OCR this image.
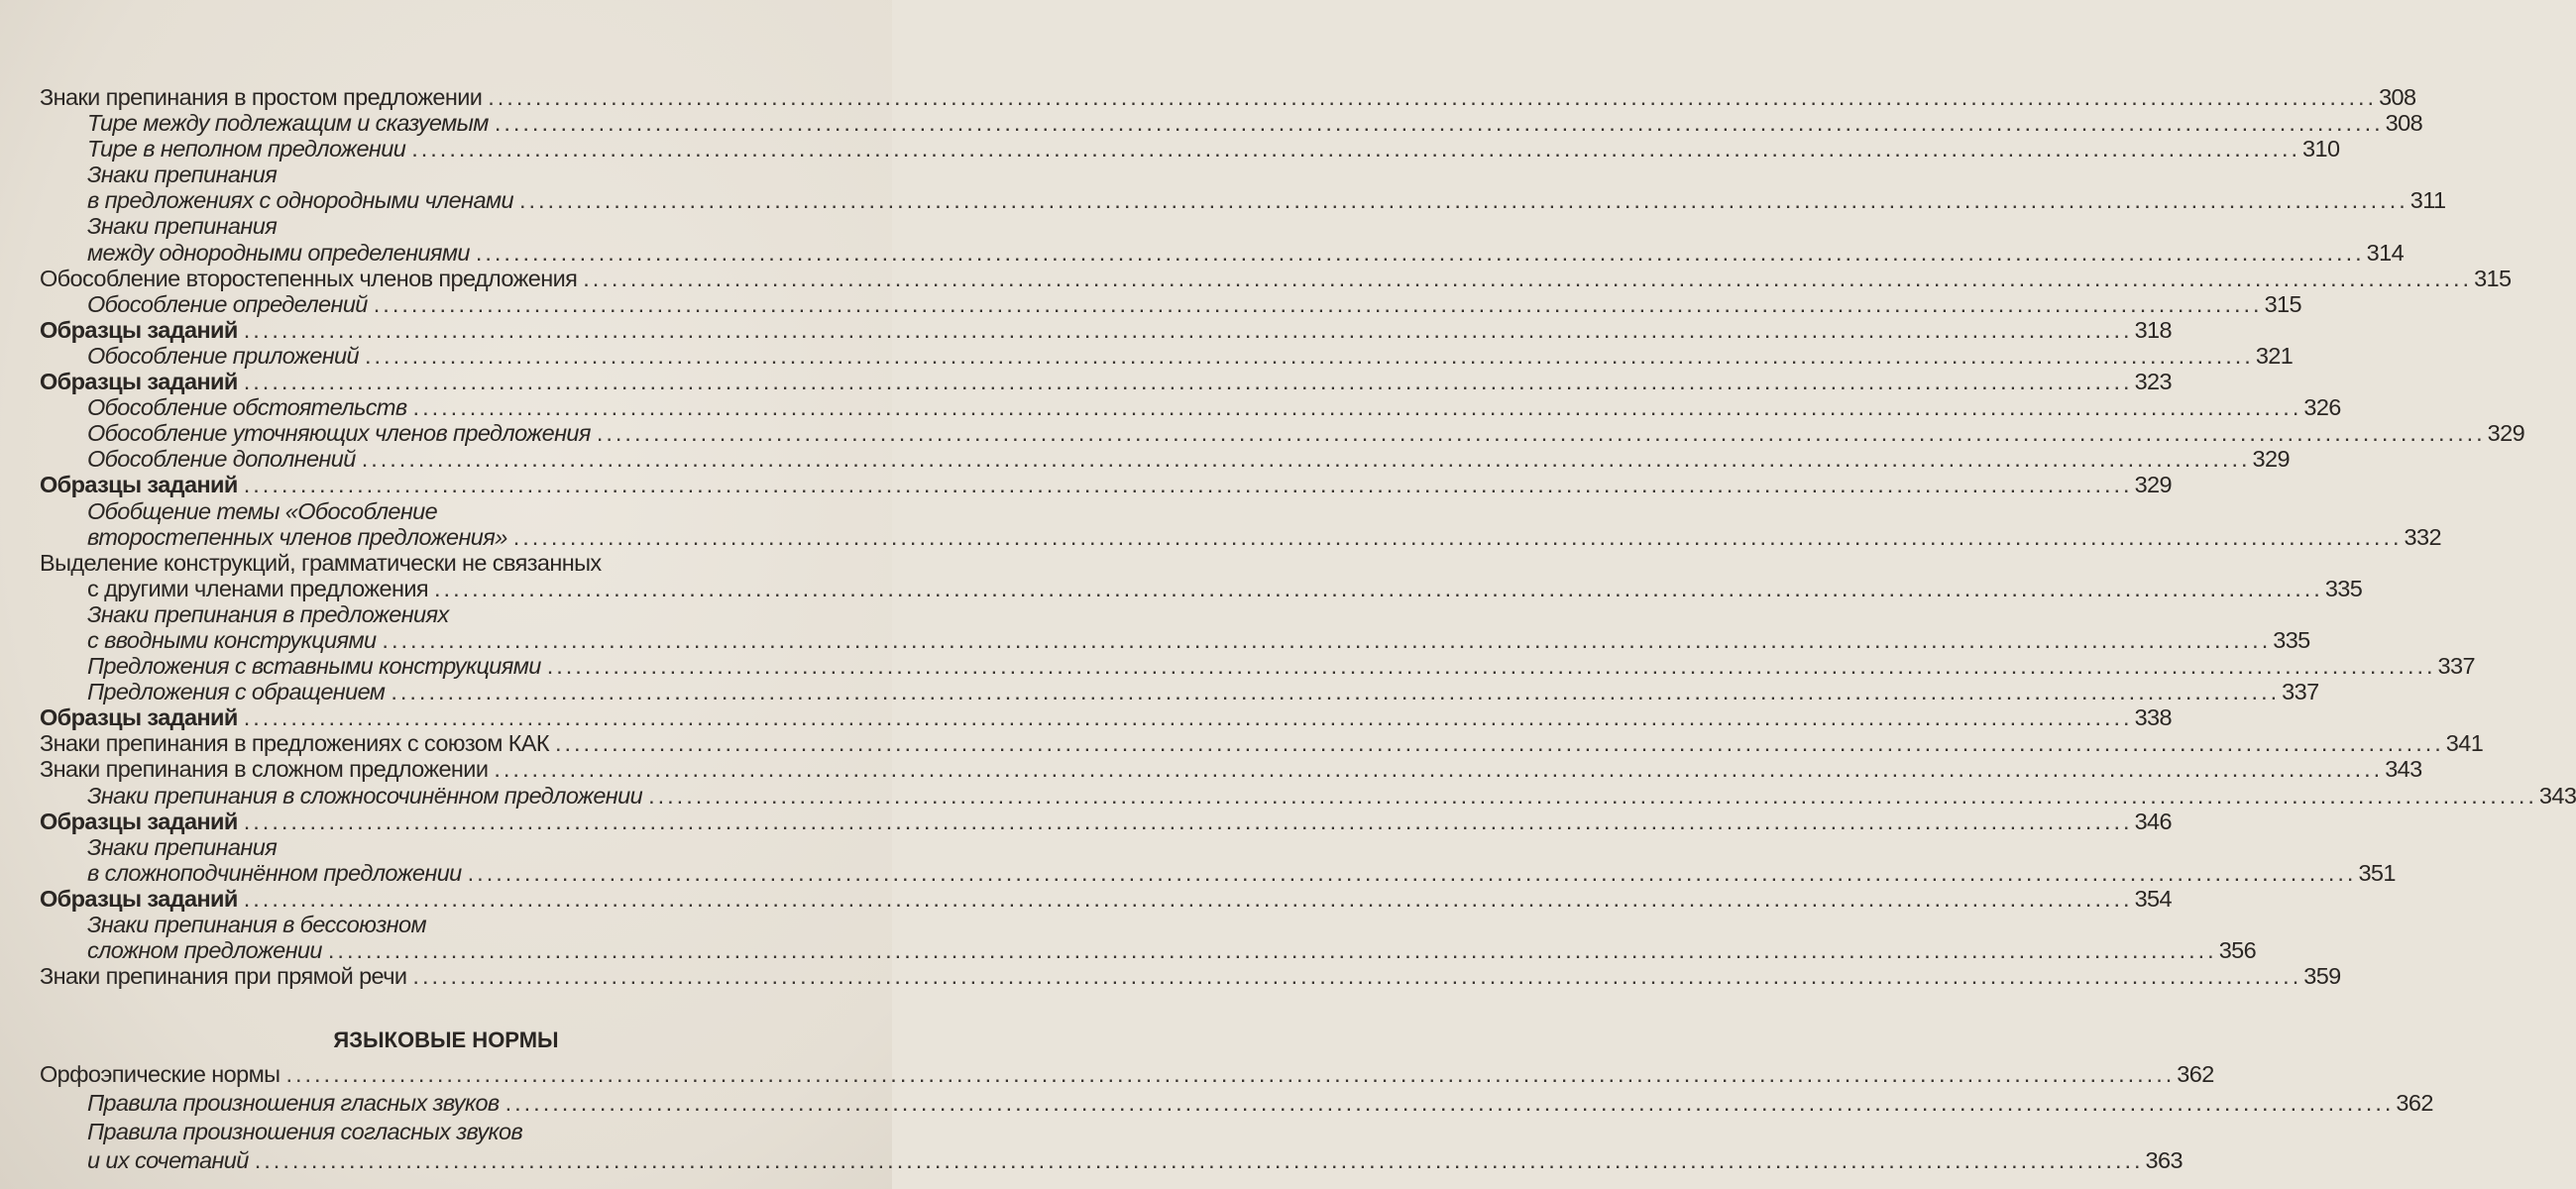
Знаки препинания в простом предложении ........................................................................................................................................................................................................ 308
Тире между подлежащим и сказуемым ........................................................................................................................................................................................................ 308
Тире в неполном предложении ........................................................................................................................................................................................................ 310
Знаки препинания
в предложениях с однородными членами ........................................................................................................................................................................................................ 311
Знаки препинания
между однородными определениями ........................................................................................................................................................................................................ 314
Обособление второстепенных членов предложения ........................................................................................................................................................................................................ 315
Обособление определений ........................................................................................................................................................................................................ 315
Образцы заданий ........................................................................................................................................................................................................ 318
Обособление приложений ........................................................................................................................................................................................................ 321
Образцы заданий ........................................................................................................................................................................................................ 323
Обособление обстоятельств ........................................................................................................................................................................................................ 326
Обособление уточняющих членов предложения ........................................................................................................................................................................................................ 329
Обособление дополнений ........................................................................................................................................................................................................ 329
Образцы заданий ........................................................................................................................................................................................................ 329
Обобщение темы «Обособление
второстепенных членов предложения» ........................................................................................................................................................................................................ 332
Выделение конструкций, грамматически не связанных
с другими членами предложения ........................................................................................................................................................................................................ 335
Знаки препинания в предложениях
с вводными конструкциями ........................................................................................................................................................................................................ 335
Предложения с вставными конструкциями ........................................................................................................................................................................................................ 337
Предложения с обращением ........................................................................................................................................................................................................ 337
Образцы заданий ........................................................................................................................................................................................................ 338
Знаки препинания в предложениях с союзом КАК ........................................................................................................................................................................................................ 341
Знаки препинания в сложном предложении ........................................................................................................................................................................................................ 343
Знаки препинания в сложносочинённом предложении ........................................................................................................................................................................................................ 343
Образцы заданий ........................................................................................................................................................................................................ 346
Знаки препинания
в сложноподчинённом предложении ........................................................................................................................................................................................................ 351
Образцы заданий ........................................................................................................................................................................................................ 354
Знаки препинания в бессоюзном
сложном предложении ........................................................................................................................................................................................................ 356
Знаки препинания при прямой речи ........................................................................................................................................................................................................ 359
ЯЗЫКОВЫЕ НОРМЫ
Орфоэпические нормы ........................................................................................................................................................................................................ 362
Правила произношения гласных звуков ........................................................................................................................................................................................................ 362
Правила произношения согласных звуков
и их сочетаний ........................................................................................................................................................................................................ 363
